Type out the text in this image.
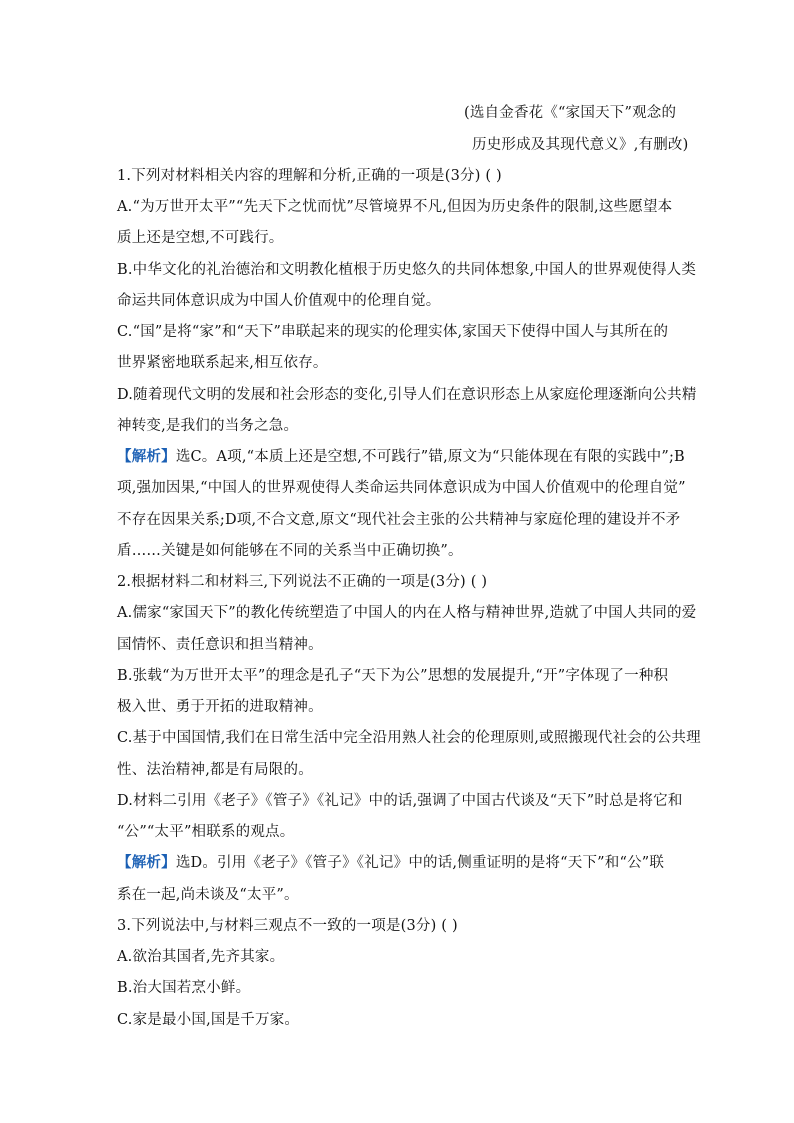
(选自金香花《“家国天下”观念的
历史形成及其现代意义》,有删改)
1.下列对材料相关内容的理解和分析,正确的一项是(3分) ( )
A.“为万世开太平”“先天下之忧而忧”尽管境界不凡,但因为历史条件的限制,这些愿望本
质上还是空想,不可践行。
B.中华文化的礼治德治和文明教化植根于历史悠久的共同体想象,中国人的世界观使得人类
命运共同体意识成为中国人价值观中的伦理自觉。
C.“国”是将“家”和“天下”串联起来的现实的伦理实体,家国天下使得中国人与其所在的
世界紧密地联系起来,相互依存。
D.随着现代文明的发展和社会形态的变化,引导人们在意识形态上从家庭伦理逐渐向公共精
神转变,是我们的当务之急。
【解析】选C。A项,“本质上还是空想,不可践行”错,原文为“只能体现在有限的实践中”;B
项,强加因果,“中国人的世界观使得人类命运共同体意识成为中国人价值观中的伦理自觉”
不存在因果关系;D项,不合文意,原文“现代社会主张的公共精神与家庭伦理的建设并不矛
盾……关键是如何能够在不同的关系当中正确切换”。
2.根据材料二和材料三,下列说法不正确的一项是(3分) ( )
A.儒家“家国天下”的教化传统塑造了中国人的内在人格与精神世界,造就了中国人共同的爱
国情怀、责任意识和担当精神。
B.张载“为万世开太平”的理念是孔子“天下为公”思想的发展提升,“开”字体现了一种积
极入世、勇于开拓的进取精神。
C.基于中国国情,我们在日常生活中完全沿用熟人社会的伦理原则,或照搬现代社会的公共理
性、法治精神,都是有局限的。
D.材料二引用《老子》《管子》《礼记》中的话,强调了中国古代谈及“天下”时总是将它和
“公”“太平”相联系的观点。
【解析】选D。引用《老子》《管子》《礼记》中的话,侧重证明的是将“天下”和“公”联
系在一起,尚未谈及“太平”。
3.下列说法中,与材料三观点不一致的一项是(3分) ( )
A.欲治其国者,先齐其家。
B.治大国若烹小鲜。
C.家是最小国,国是千万家。
